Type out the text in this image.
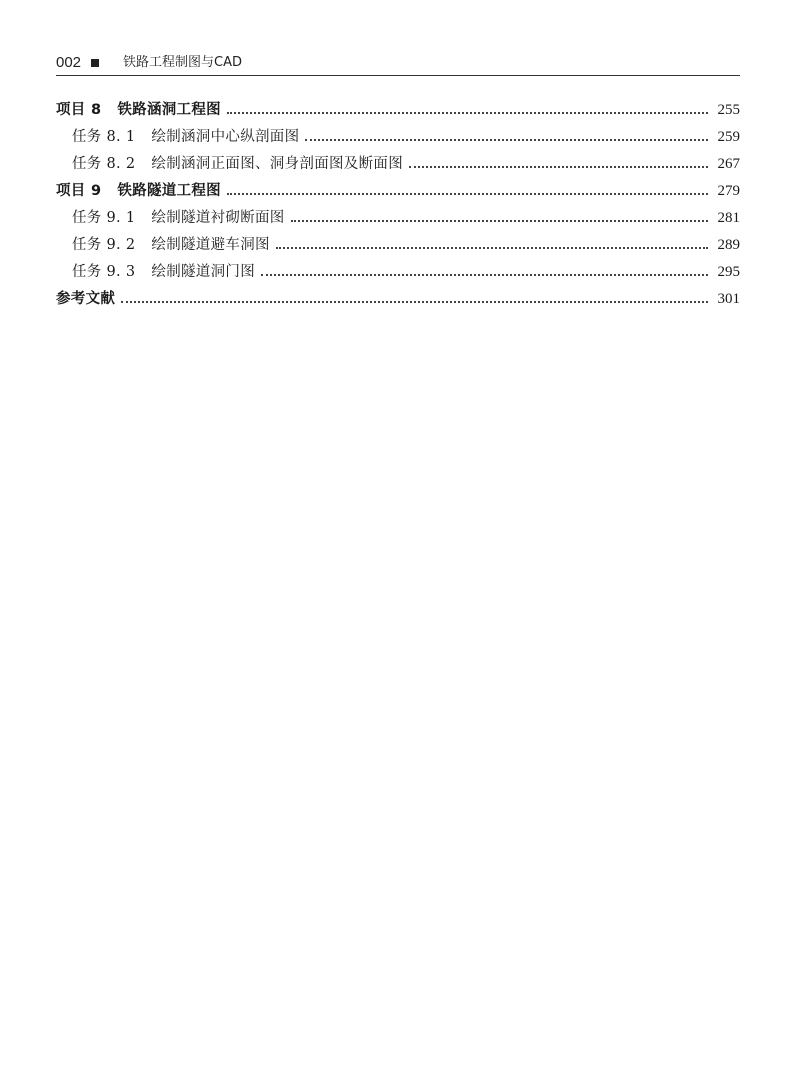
002	铁路工程制图与CAD
项目 8 铁路涵洞工程图	255
任务 8. 1 绘制涵洞中心纵剖面图	259
任务 8. 2 绘制涵洞正面图、洞身剖面图及断面图	267
项目 9 铁路隧道工程图	279
任务 9. 1 绘制隧道衬砌断面图	281
任务 9. 2 绘制隧道避车洞图	289
任务 9. 3 绘制隧道洞门图	295
参考文献	301
